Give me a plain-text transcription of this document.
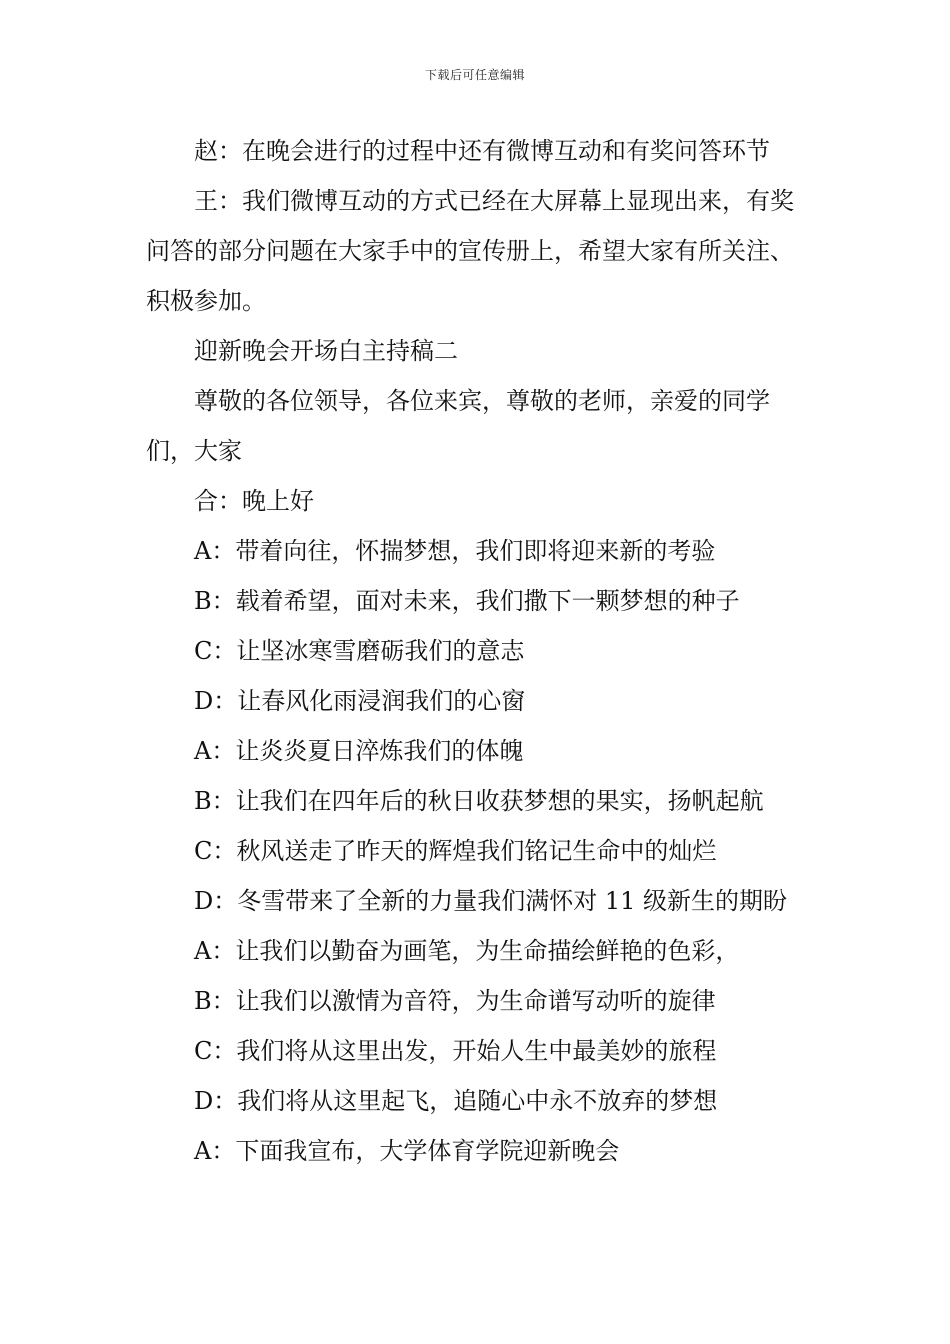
下载后可任意编辑

赵：在晚会进行的过程中还有微博互动和有奖问答环节

王：我们微博互动的方式已经在大屏幕上显现出来，有奖问答的部分问题在大家手中的宣传册上，希望大家有所关注、积极参加。

迎新晚会开场白主持稿二

尊敬的各位领导，各位来宾，尊敬的老师，亲爱的同学们，大家

合：晚上好

A：带着向往，怀揣梦想，我们即将迎来新的考验

B：载着希望，面对未来，我们撒下一颗梦想的种子

C：让坚冰寒雪磨砺我们的意志

D：让春风化雨浸润我们的心窗

A：让炎炎夏日淬炼我们的体魄

B：让我们在四年后的秋日收获梦想的果实，扬帆起航

C：秋风送走了昨天的辉煌我们铭记生命中的灿烂

D：冬雪带来了全新的力量我们满怀对 11 级新生的期盼

A：让我们以勤奋为画笔，为生命描绘鲜艳的色彩，

B：让我们以激情为音符，为生命谱写动听的旋律

C：我们将从这里出发，开始人生中最美妙的旅程

D：我们将从这里起飞，追随心中永不放弃的梦想

A：下面我宣布，大学体育学院迎新晚会
